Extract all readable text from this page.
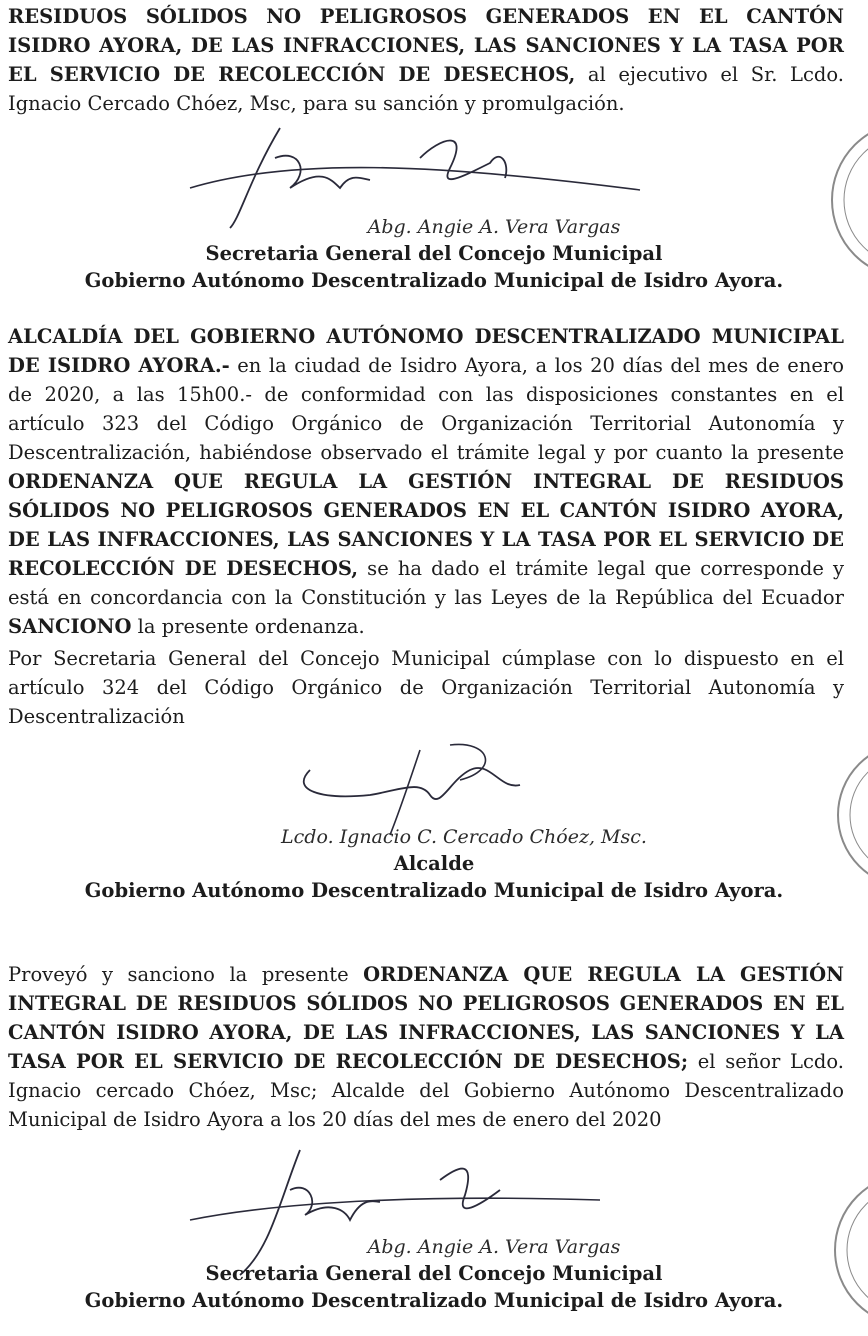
RESIDUOS SÓLIDOS NO PELIGROSOS GENERADOS EN EL CANTÓN ISIDRO AYORA, DE LAS INFRACCIONES, LAS SANCIONES Y LA TASA POR EL SERVICIO DE RECOLECCIÓN DE DESECHOS, al ejecutivo el Sr. Lcdo. Ignacio Cercado Chóez, Msc, para su sanción y promulgación.

Abg. Angie A. Vera Vargas
Secretaria General del Concejo Municipal
Gobierno Autónomo Descentralizado Municipal de Isidro Ayora.

ALCALDÍA DEL GOBIERNO AUTÓNOMO DESCENTRALIZADO MUNICIPAL DE ISIDRO AYORA.- en la ciudad de Isidro Ayora, a los 20 días del mes de enero de 2020, a las 15h00.- de conformidad con las disposiciones constantes en el artículo 323 del Código Orgánico de Organización Territorial Autonomía y Descentralización, habiéndose observado el trámite legal y por cuanto la presente ORDENANZA QUE REGULA LA GESTIÓN INTEGRAL DE RESIDUOS SÓLIDOS NO PELIGROSOS GENERADOS EN EL CANTÓN ISIDRO AYORA, DE LAS INFRACCIONES, LAS SANCIONES Y LA TASA POR EL SERVICIO DE RECOLECCIÓN DE DESECHOS, se ha dado el trámite legal que corresponde y está en concordancia con la Constitución y las Leyes de la República del Ecuador SANCIONO la presente ordenanza.

Por Secretaria General del Concejo Municipal cúmplase con lo dispuesto en el artículo 324 del Código Orgánico de Organización Territorial Autonomía y Descentralización

Lcdo. Ignacio C. Cercado Chóez, Msc.
Alcalde
Gobierno Autónomo Descentralizado Municipal de Isidro Ayora.

Proveyó y sanciono la presente ORDENANZA QUE REGULA LA GESTIÓN INTEGRAL DE RESIDUOS SÓLIDOS NO PELIGROSOS GENERADOS EN EL CANTÓN ISIDRO AYORA, DE LAS INFRACCIONES, LAS SANCIONES Y LA TASA POR EL SERVICIO DE RECOLECCIÓN DE DESECHOS; el señor Lcdo. Ignacio cercado Chóez, Msc; Alcalde del Gobierno Autónomo Descentralizado Municipal de Isidro Ayora a los 20 días del mes de enero del 2020

Abg. Angie A. Vera Vargas
Secretaria General del Concejo Municipal
Gobierno Autónomo Descentralizado Municipal de Isidro Ayora.
